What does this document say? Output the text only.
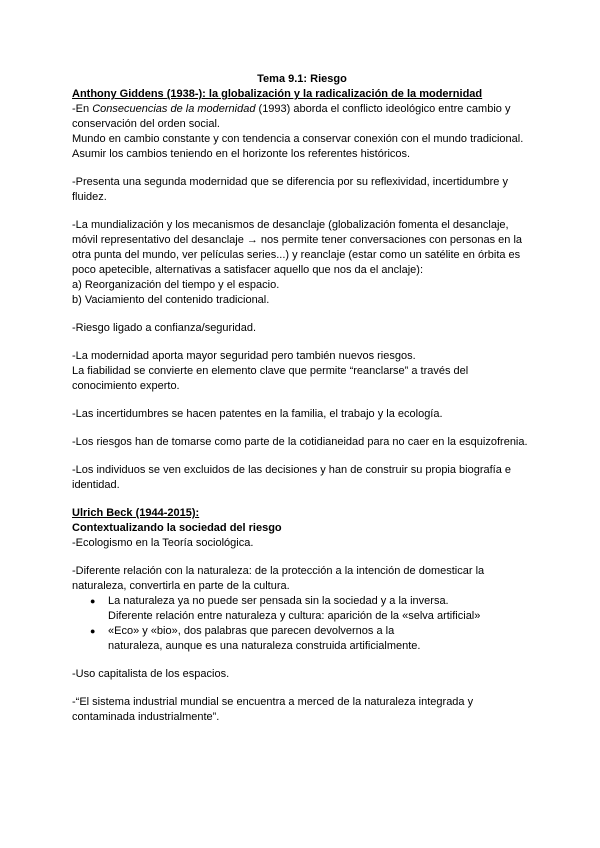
Tema 9.1: Riesgo
Anthony Giddens (1938-): la globalización y la radicalización de la modernidad
-En Consecuencias de la modernidad (1993) aborda el conflicto ideológico entre cambio y conservación del orden social.
Mundo en cambio constante y con tendencia a conservar conexión con el mundo tradicional.
Asumir los cambios teniendo en el horizonte los referentes históricos.
-Presenta una segunda modernidad que se diferencia por su reflexividad, incertidumbre y fluidez.
-La mundialización y los mecanismos de desanclaje (globalización fomenta el desanclaje, móvil representativo del desanclaje → nos permite tener conversaciones con personas en la otra punta del mundo, ver películas series...) y reanclaje (estar como un satélite en órbita es poco apetecible, alternativas a satisfacer aquello que nos da el anclaje):
a) Reorganización del tiempo y el espacio.
b) Vaciamiento del contenido tradicional.
-Riesgo ligado a confianza/seguridad.
-La modernidad aporta mayor seguridad pero también nuevos riesgos.
La fiabilidad se convierte en elemento clave que permite “reanclarse” a través del conocimiento experto.
-Las incertidumbres se hacen patentes en la familia, el trabajo y la ecología.
-Los riesgos han de tomarse como parte de la cotidianeidad para no caer en la esquizofrenia.
-Los individuos se ven excluidos de las decisiones y han de construir su propia biografía e identidad.
Ulrich Beck (1944-2015):
Contextualizando la sociedad del riesgo
-Ecologismo en la Teoría sociológica.
-Diferente relación con la naturaleza: de la protección a la intención de domesticar la naturaleza, convertirla en parte de la cultura.
● La naturaleza ya no puede ser pensada sin la sociedad y a la inversa.
Diferente relación entre naturaleza y cultura: aparición de la «selva artificial»
● «Eco» y «bio», dos palabras que parecen devolvernos a la
naturaleza, aunque es una naturaleza construida artificialmente.
-Uso capitalista de los espacios.
-“El sistema industrial mundial se encuentra a merced de la naturaleza integrada y contaminada industrialmente”.
